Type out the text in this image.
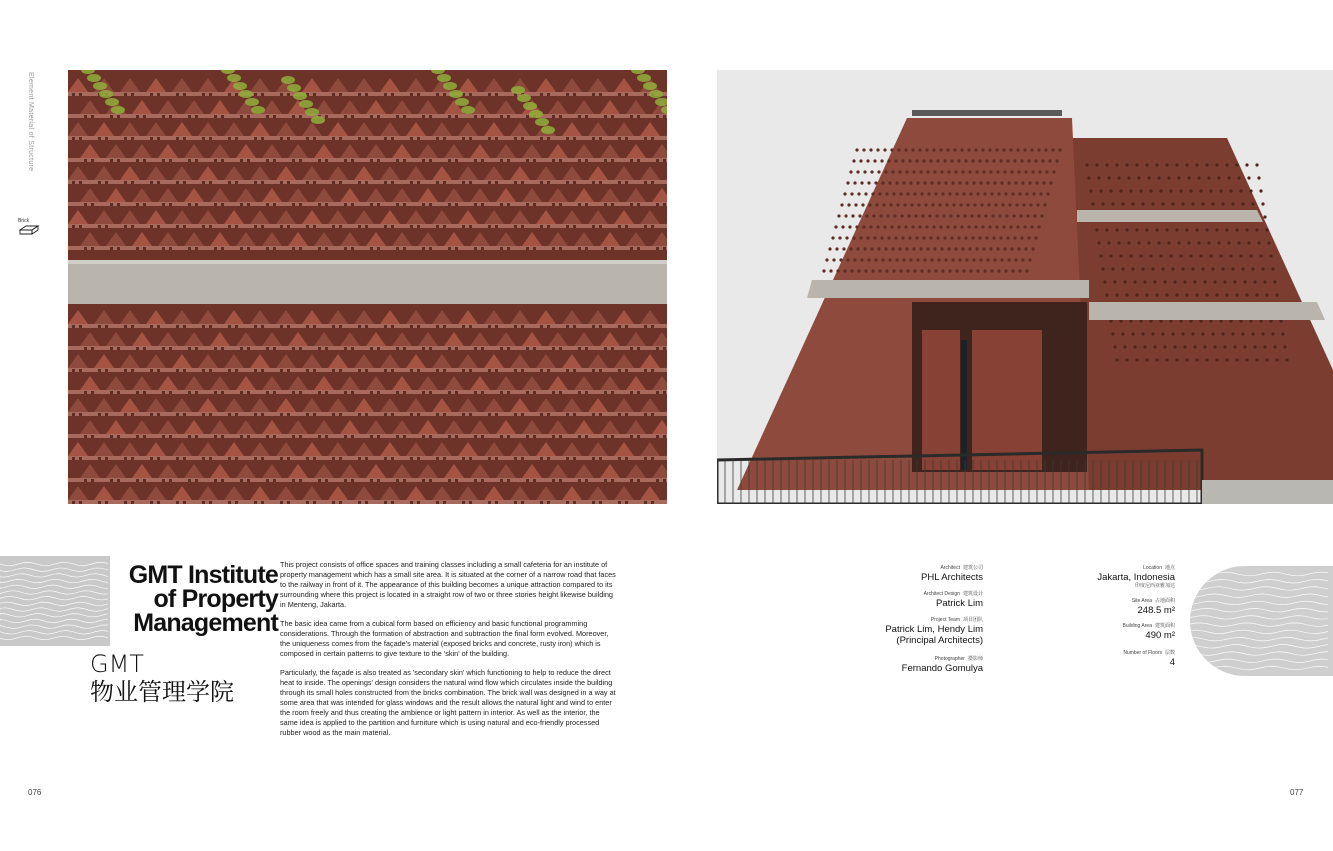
Element Material of Structure
Brick
GMT Institute
of Property
Management
GMT
物业管理学院

This project consists of office spaces and training classes including a small cafeteria for an institute of property management which has a small site area. It is situated at the corner of a narrow road that faces to the railway in front of it. The appearance of this building becomes a unique attraction compared to its surrounding where this project is located in a straight row of two or three stories height likewise building in Menteng, Jakarta.

The basic idea came from a cubical form based on efficiency and basic functional programming considerations. Through the formation of abstraction and subtraction the final form evolved. Moreover, the uniqueness comes from the façade's material (exposed bricks and concrete, rusty iron) which is composed in certain patterns to give texture to the 'skin' of the building.

Particularly, the façade is also treated as 'secondary skin' which functioning to help to reduce the direct heat to inside. The openings' design considers the natural wind flow which circulates inside the building through its small holes constructed from the bricks combination. The brick wall was designed in a way at some area that was intended for glass windows and the result allows the natural light and wind to enter the room freely and thus creating the ambience or light pattern in interior. As well as the interior, the same idea is applied to the partition and furniture which is using natural and eco-friendly processed rubber wood as the main material.

076
Architect 建筑公司
PHL Architects
Architect Design 建筑设计
Patrick Lim
Project Team 项目团队
Patrick Lim, Hendy Lim
(Principal Architects)
Photographer 摄影师
Fernando Gomulya
Location 地点
Jakarta, Indonesia
印度尼西亚雅加达
Site Area 占地面积
248.5 m²
Building Area 建筑面积
490 m²
Number of Floors 层数
4
077
